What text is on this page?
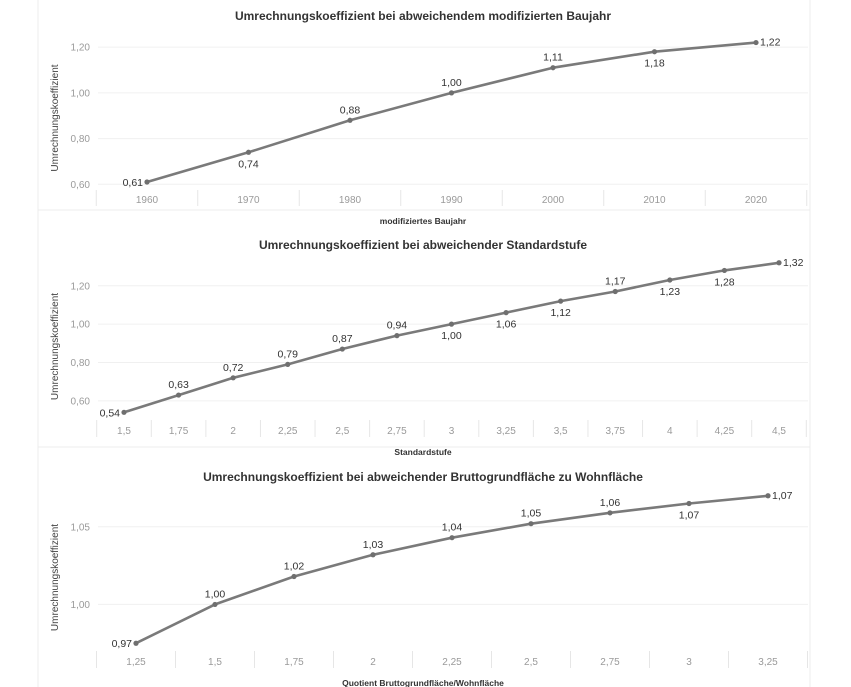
Umrechnungskoeffizient bei abweichendem modifizierten Baujahr
0,60
0,80
1,00
1,20
1960	1970	1980	1990	2000	2010	2020
modifiziertes Baujahr
Umrechnungskoeffizient
0,61
0,74
0,88
1,00
1,11	1,18
1,22
Umrechnungskoeffizient bei abweichender Standardstufe
0,60
0,80
1,00
1,20
1,5	1,75	2	2,25	2,5	2,75	3	3,25	3,5	3,75	4	4,25	4,5
Standardstufe
Umrechnungskoeffizient
0,54
0,63
0,72
0,79
0,87
0,94
1,00
1,06
1,12
1,17
1,23
1,28
1,32
Umrechnungskoeffizient bei abweichender Bruttogrundfläche zu Wohnfläche
1,00
1,05
1,25	1,5	1,75	2	2,25	2,5	2,75	3	3,25
Quotient Bruttogrundfläche/Wohnfläche
Umrechnungskoeffizient
0,97
1,00
1,02
1,03
1,04
1,05
1,06
1,07
1,07
